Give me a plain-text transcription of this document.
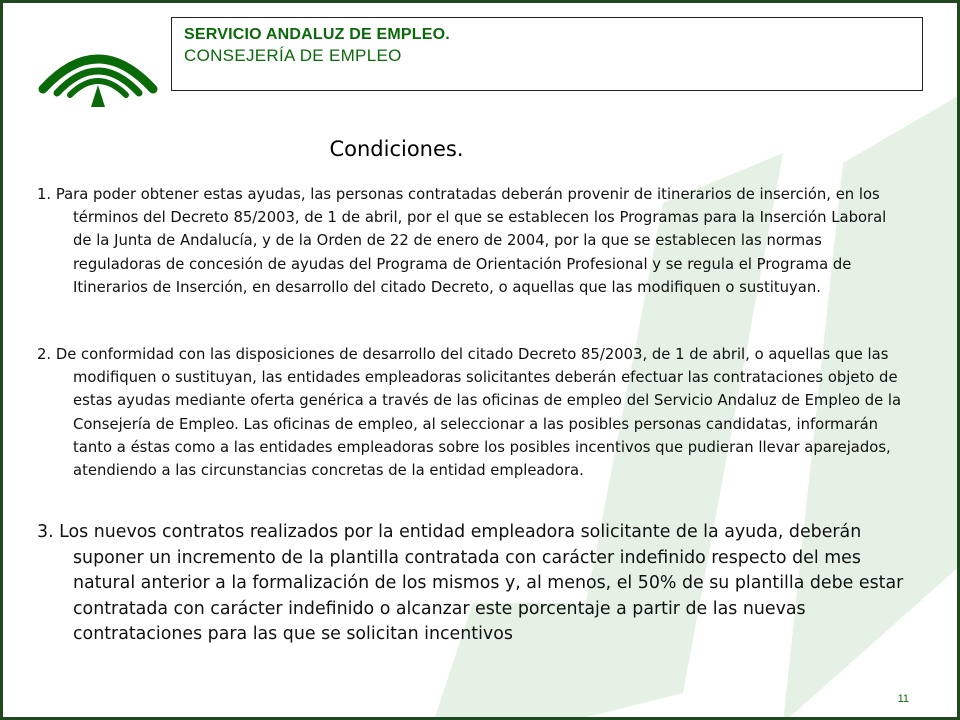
SERVICIO ANDALUZ DE EMPLEO.
CONSEJERÍA DE EMPLEO
Condiciones.
1. Para poder obtener estas ayudas, las personas contratadas deberán provenir de itinerarios de inserción, en los términos del Decreto 85/2003, de 1 de abril, por el que se establecen los Programas para la Inserción Laboral de la Junta de Andalucía, y de la Orden de 22 de enero de 2004, por la que se establecen las normas reguladoras de concesión de ayudas del Programa de Orientación Profesional y se regula el Programa de Itinerarios de Inserción, en desarrollo del citado Decreto, o aquellas que las modifiquen o sustituyan.
2. De conformidad con las disposiciones de desarrollo del citado Decreto 85/2003, de 1 de abril, o aquellas que las modifiquen o sustituyan, las entidades empleadoras solicitantes deberán efectuar las contrataciones objeto de estas ayudas mediante oferta genérica a través de las oficinas de empleo del Servicio Andaluz de Empleo de la Consejería de Empleo. Las oficinas de empleo, al seleccionar a las posibles personas candidatas, informarán tanto a éstas como a las entidades empleadoras sobre los posibles incentivos que pudieran llevar aparejados, atendiendo a las circunstancias concretas de la entidad empleadora.
3. Los nuevos contratos realizados por la entidad empleadora solicitante de la ayuda, deberán suponer un incremento de la plantilla contratada con carácter indefinido respecto del mes natural anterior a la formalización de los mismos y, al menos, el 50% de su plantilla debe estar contratada con carácter indefinido o alcanzar este porcentaje a partir de las nuevas contrataciones para las que se solicitan incentivos
11
